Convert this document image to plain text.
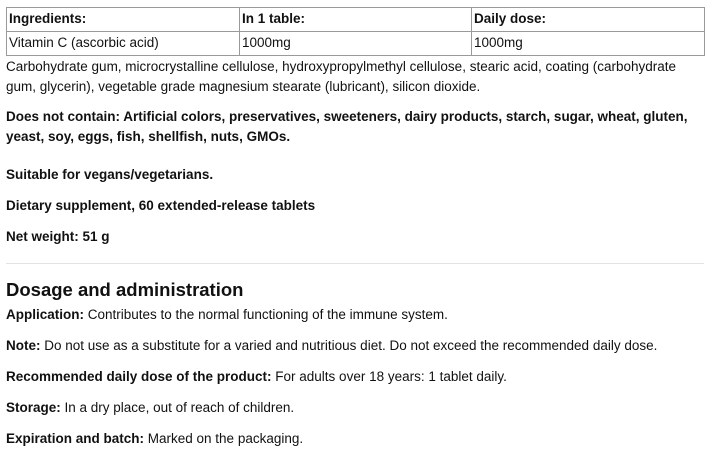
Ingredients:	In 1 table:	Daily dose:
Vitamin C (ascorbic acid)	1000mg	1000mg

Carbohydrate gum, microcrystalline cellulose, hydroxypropylmethyl cellulose, stearic acid, coating (carbohydrate gum, glycerin), vegetable grade magnesium stearate (lubricant), silicon dioxide.

Does not contain: Artificial colors, preservatives, sweeteners, dairy products, starch, sugar, wheat, gluten, yeast, soy, eggs, fish, shellfish, nuts, GMOs.

Suitable for vegans/vegetarians.

Dietary supplement, 60 extended-release tablets

Net weight: 51 g

Dosage and administration

Application: Contributes to the normal functioning of the immune system.

Note: Do not use as a substitute for a varied and nutritious diet. Do not exceed the recommended daily dose.

Recommended daily dose of the product: For adults over 18 years: 1 tablet daily.

Storage: In a dry place, out of reach of children.

Expiration and batch: Marked on the packaging.
